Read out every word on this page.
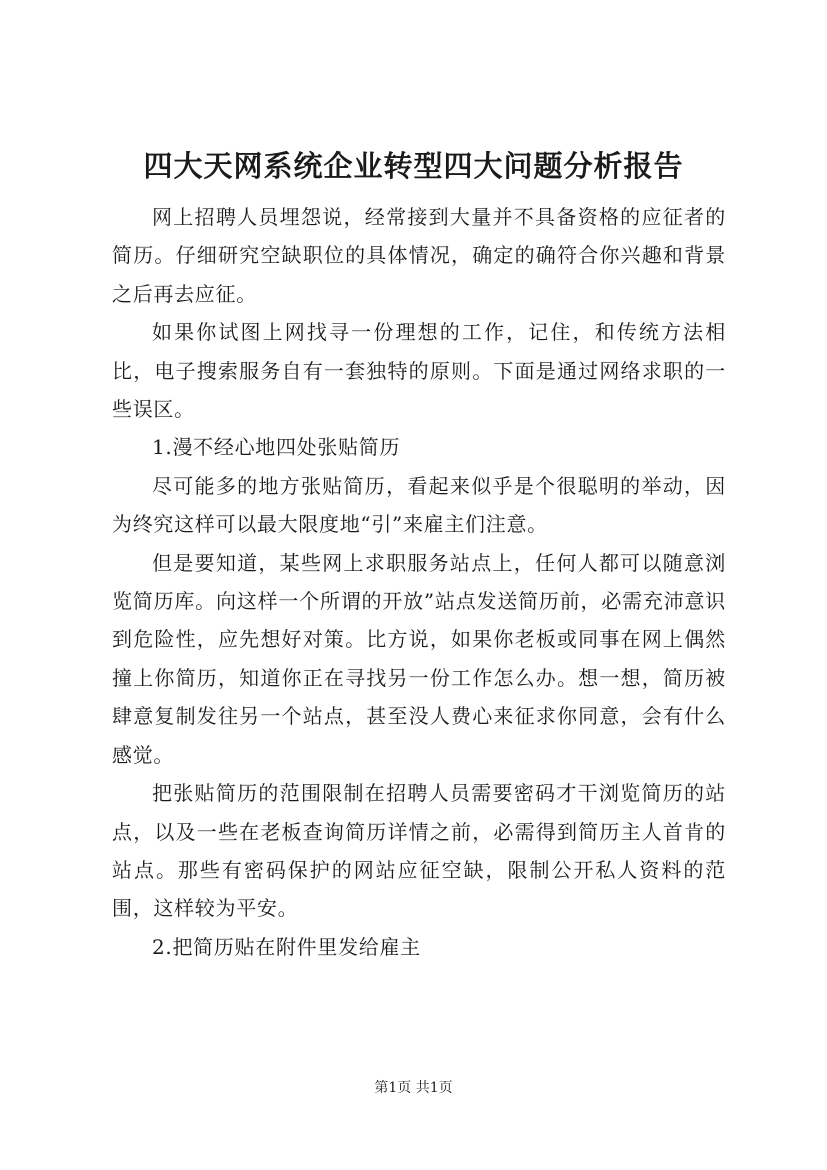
四大天网系统企业转型四大问题分析报告

网上招聘人员埋怨说，经常接到大量并不具备资格的应征者的简历。仔细研究空缺职位的具体情况，确定的确符合你兴趣和背景之后再去应征。

如果你试图上网找寻一份理想的工作，记住，和传统方法相比，电子搜索服务自有一套独特的原则。下面是通过网络求职的一些误区。

1.漫不经心地四处张贴简历

尽可能多的地方张贴简历，看起来似乎是个很聪明的举动，因为终究这样可以最大限度地“引”来雇主们注意。

但是要知道，某些网上求职服务站点上，任何人都可以随意浏览简历库。向这样一个所谓的开放”站点发送简历前，必需充沛意识到危险性，应先想好对策。比方说，如果你老板或同事在网上偶然撞上你简历，知道你正在寻找另一份工作怎么办。想一想，简历被肆意复制发往另一个站点，甚至没人费心来征求你同意，会有什么感觉。

把张贴简历的范围限制在招聘人员需要密码才干浏览简历的站点，以及一些在老板查询简历详情之前，必需得到简历主人首肯的站点。那些有密码保护的网站应征空缺，限制公开私人资料的范围，这样较为平安。

2.把简历贴在附件里发给雇主

第1页 共1页
